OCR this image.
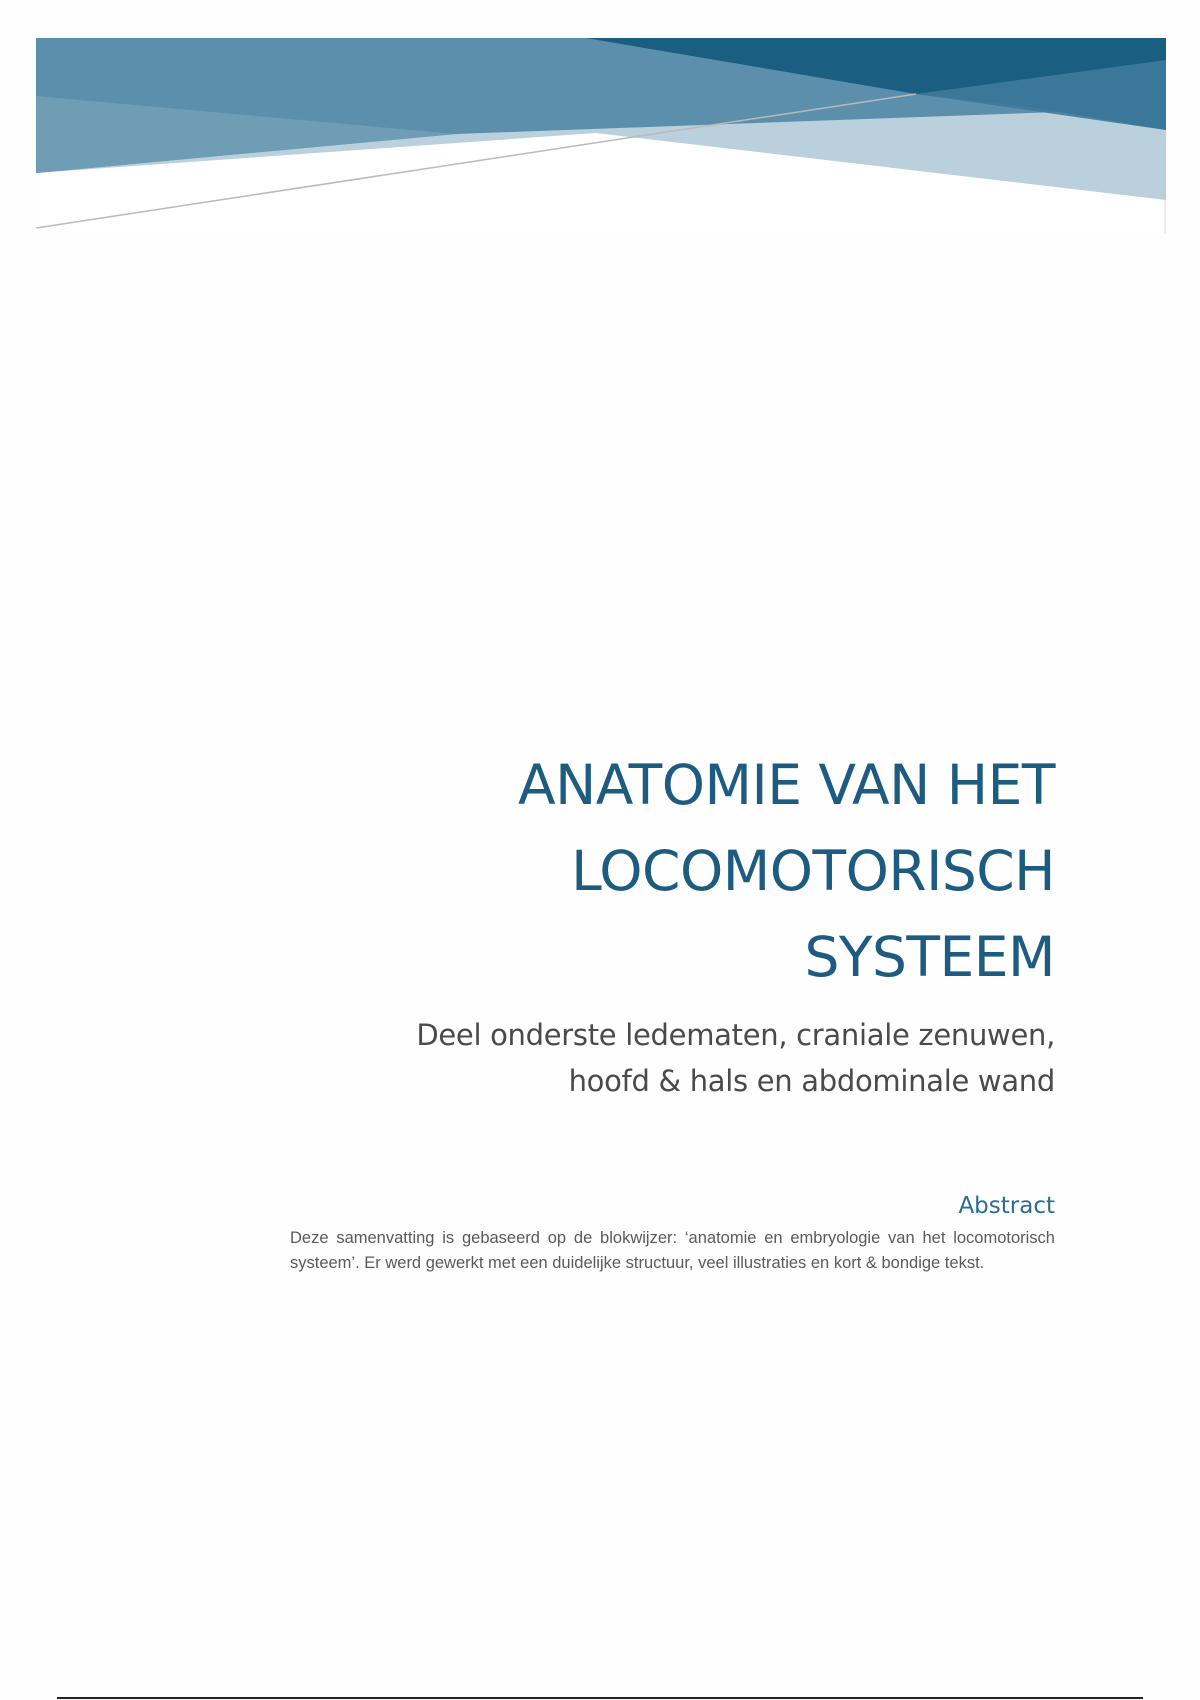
ANATOMIE VAN HET
LOCOMOTORISCH
SYSTEEM
Deel onderste ledematen, craniale zenuwen,
hoofd & hals en abdominale wand
Abstract
Deze samenvatting is gebaseerd op de blokwijzer: ‘anatomie en embryologie van het locomotorisch systeem’. Er werd gewerkt met een duidelijke structuur, veel illustraties en kort & bondige tekst.
